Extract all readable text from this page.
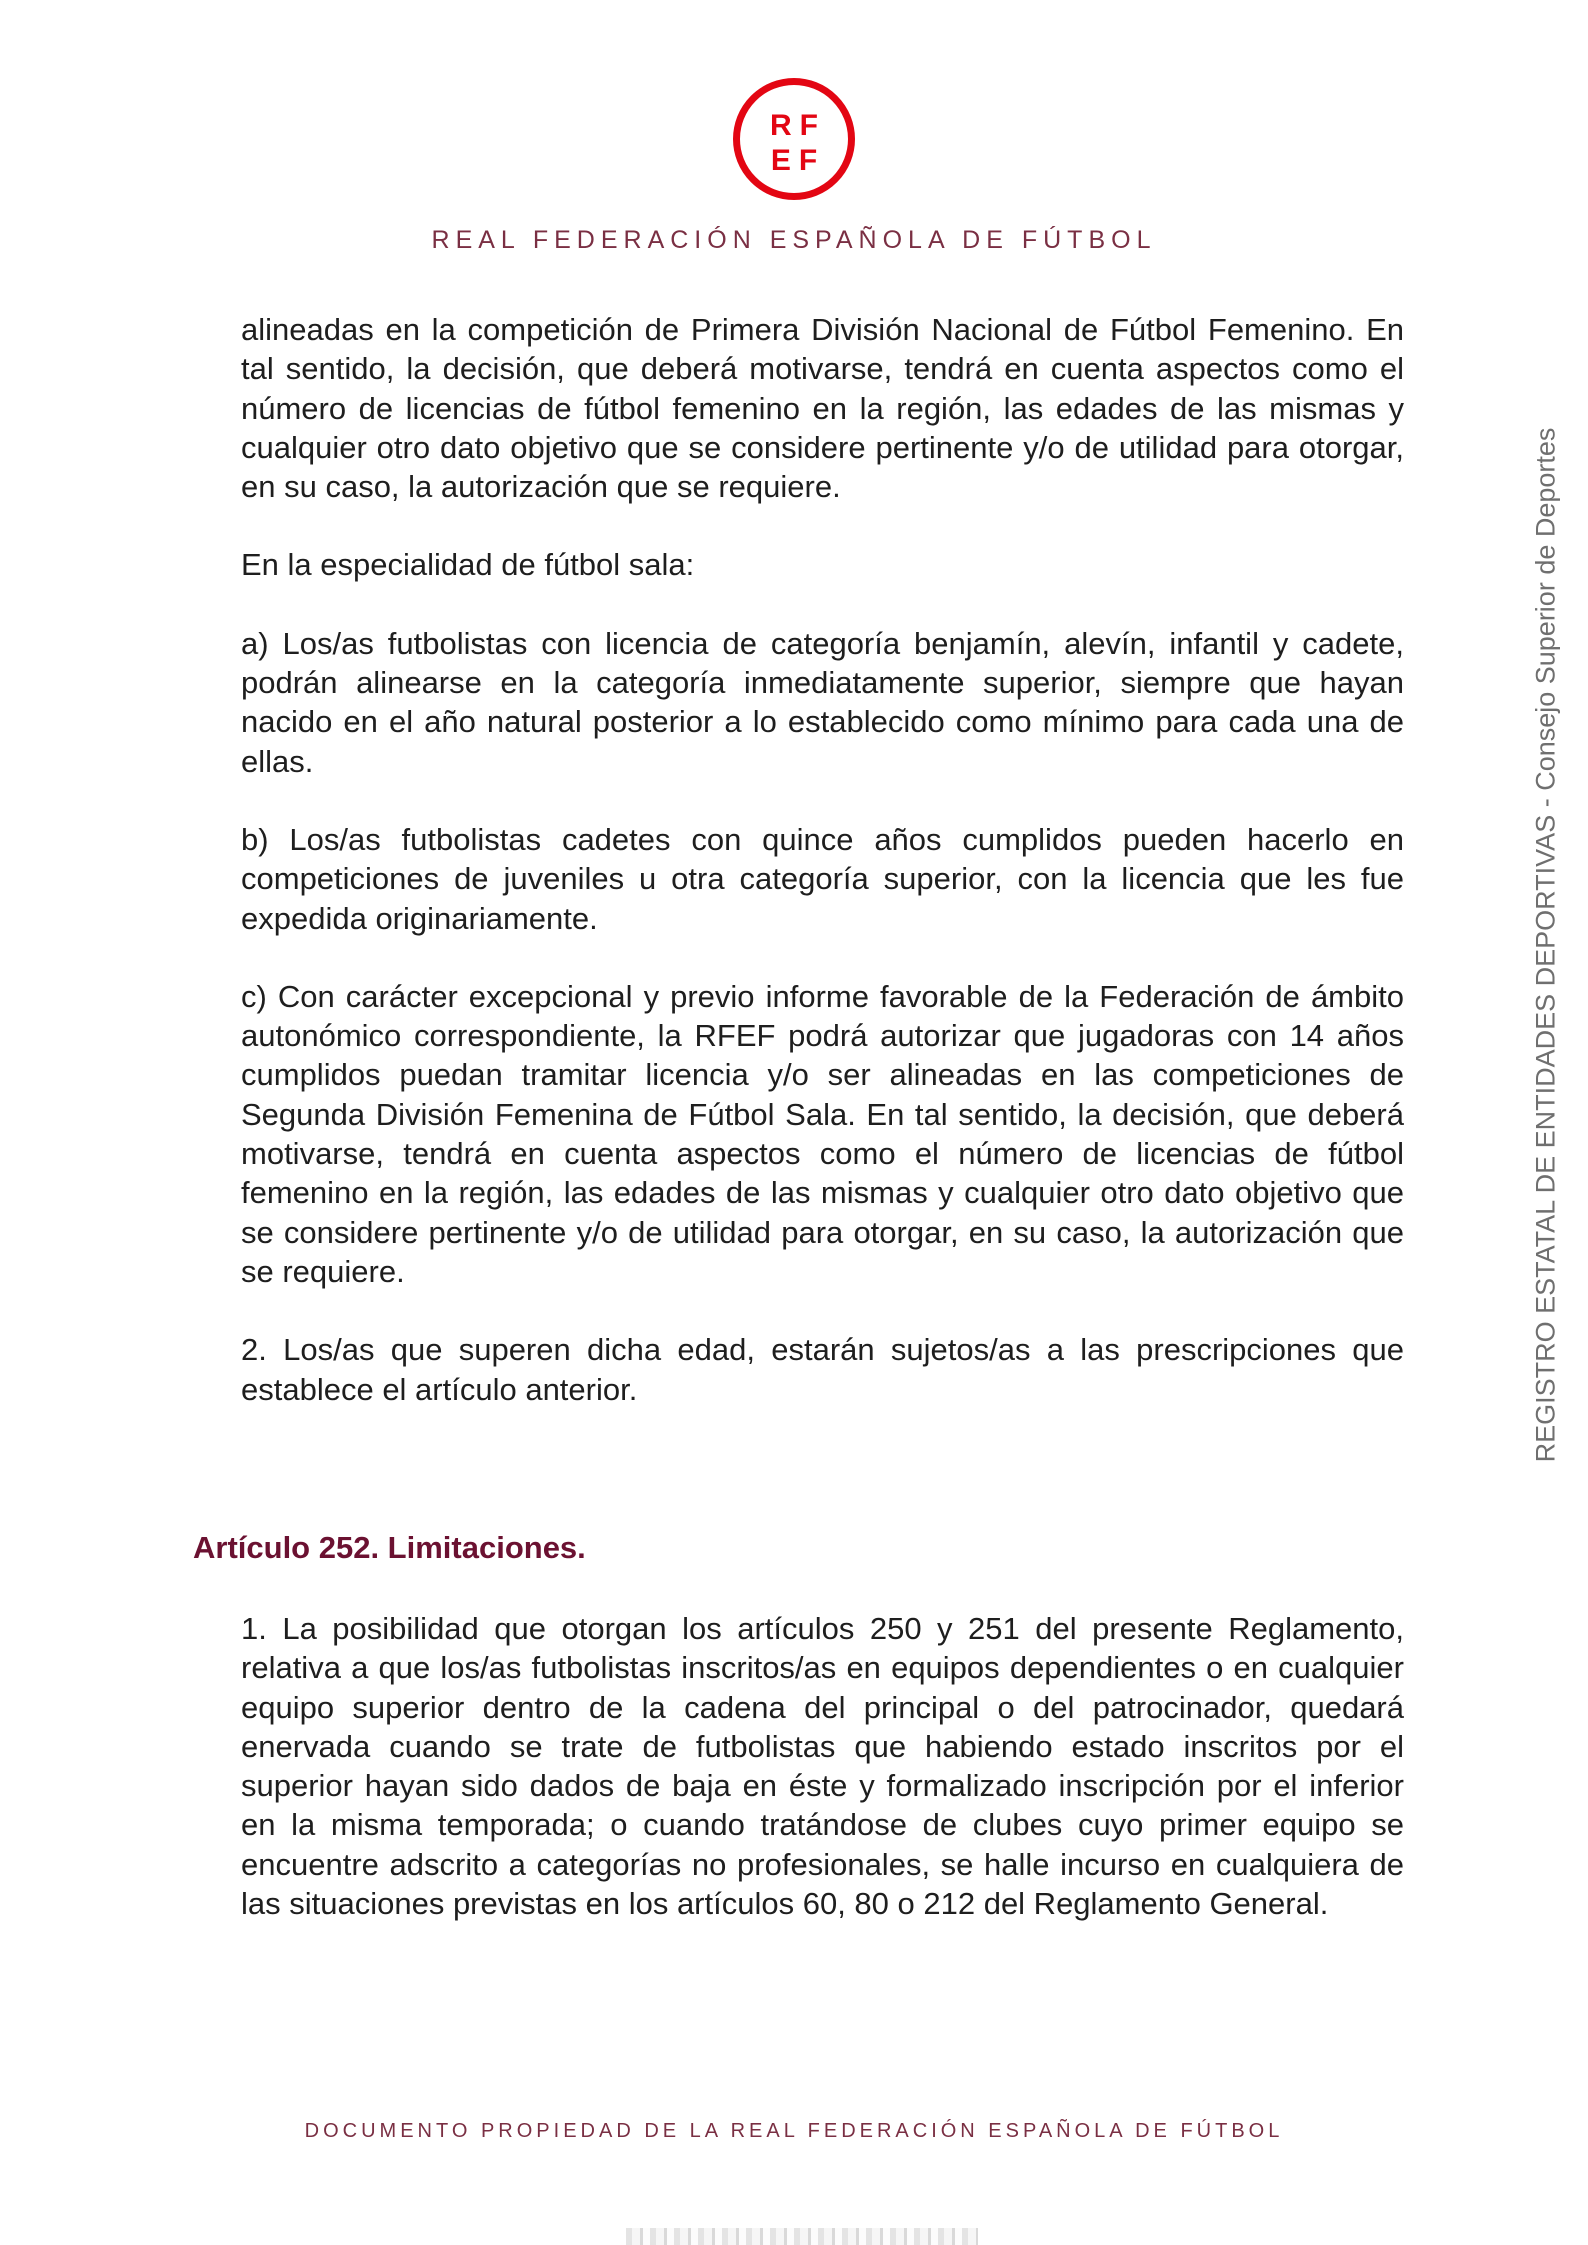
RF
EF
REAL FEDERACIÓN ESPAÑOLA DE FÚTBOL
REGISTRO ESTATAL DE ENTIDADES DEPORTIVAS - Consejo Superior de Deportes

alineadas en la competición de Primera División Nacional de Fútbol Femenino. En tal sentido, la decisión, que deberá motivarse, tendrá en cuenta aspectos como el número de licencias de fútbol femenino en la región, las edades de las mismas y cualquier otro dato objetivo que se considere pertinente y/o de utilidad para otorgar, en su caso, la autorización que se requiere.

En la especialidad de fútbol sala:

a) Los/as futbolistas con licencia de categoría benjamín, alevín, infantil y cadete, podrán alinearse en la categoría inmediatamente superior, siempre que hayan nacido en el año natural posterior a lo establecido como mínimo para cada una de ellas.

b) Los/as futbolistas cadetes con quince años cumplidos pueden hacerlo en competiciones de juveniles u otra categoría superior, con la licencia que les fue expedida originariamente.

c) Con carácter excepcional y previo informe favorable de la Federación de ámbito autonómico correspondiente, la RFEF podrá autorizar que jugadoras con 14 años cumplidos puedan tramitar licencia y/o ser alineadas en las competiciones de Segunda División Femenina de Fútbol Sala. En tal sentido, la decisión, que deberá motivarse, tendrá en cuenta aspectos como el número de licencias de fútbol femenino en la región, las edades de las mismas y cualquier otro dato objetivo que se considere pertinente y/o de utilidad para otorgar, en su caso, la autorización que se requiere.

2. Los/as que superen dicha edad, estarán sujetos/as a las prescripciones que establece el artículo anterior.

Artículo 252. Limitaciones.

1. La posibilidad que otorgan los artículos 250 y 251 del presente Reglamento, relativa a que los/as futbolistas inscritos/as en equipos dependientes o en cualquier equipo superior dentro de la cadena del principal o del patrocinador, quedará enervada cuando se trate de futbolistas que habiendo estado inscritos por el superior hayan sido dados de baja en éste y formalizado inscripción por el inferior en la misma temporada; o cuando tratándose de clubes cuyo primer equipo se encuentre adscrito a categorías no profesionales, se halle incurso en cualquiera de las situaciones previstas en los artículos 60, 80 o 212 del Reglamento General.

DOCUMENTO PROPIEDAD DE LA REAL FEDERACIÓN ESPAÑOLA DE FÚTBOL
